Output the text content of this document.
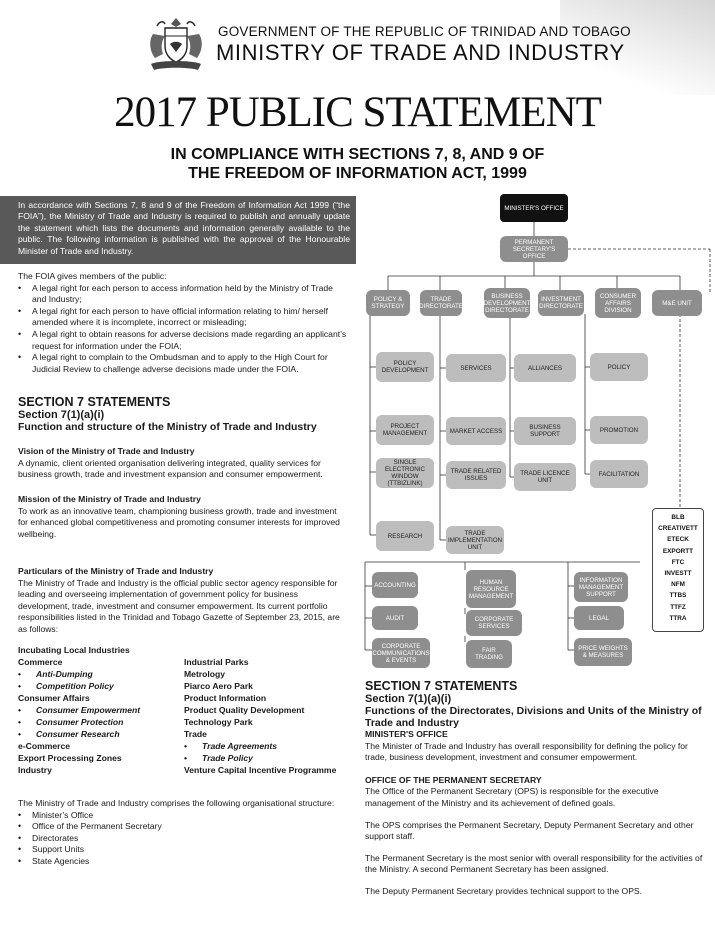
GOVERNMENT OF THE REPUBLIC OF TRINIDAD AND TOBAGO
MINISTRY OF TRADE AND INDUSTRY
2017 PUBLIC STATEMENT
IN COMPLIANCE WITH SECTIONS 7, 8, AND 9 OF
THE FREEDOM OF INFORMATION ACT, 1999
In accordance with Sections 7, 8 and 9 of the Freedom of Information Act 1999 (“the FOIA”), the Ministry of Trade and Industry is required to publish and annually update the statement which lists the documents and information generally available to the public. The following information is published with the approval of the Honourable Minister of Trade and Industry.
The FOIA gives members of the public:
• A legal right for each person to access information held by the Ministry of Trade and Industry;
• A legal right for each person to have official information relating to him/ herself amended where it is incomplete, incorrect or misleading;
• A legal right to obtain reasons for adverse decisions made regarding an applicant’s request for information under the FOIA;
• A legal right to complain to the Ombudsman and to apply to the High Court for Judicial Review to challenge adverse decisions made under the FOIA.
SECTION 7 STATEMENTS
Section 7(1)(a)(i)
Function and structure of the Ministry of Trade and Industry
Vision of the Ministry of Trade and Industry
A dynamic, client oriented organisation delivering integrated, quality services for business growth, trade and investment expansion and consumer empowerment.
Mission of the Ministry of Trade and Industry
To work as an innovative team, championing business growth, trade and investment for enhanced global competitiveness and promoting consumer interests for improved wellbeing.
Particulars of the Ministry of Trade and Industry
The Ministry of Trade and Industry is the official public sector agency responsible for leading and overseeing implementation of government policy for business development, trade, investment and consumer empowerment. Its current portfolio responsibilities listed in the Trinidad and Tobago Gazette of September 23, 2015, are as follows:
Incubating Local Industries
Commerce
• Anti-Dumping
• Competition Policy
Consumer Affairs
• Consumer Empowerment
• Consumer Protection
• Consumer Research
e-Commerce
Export Processing Zones
Industry
Industrial Parks
Metrology
Piarco Aero Park
Product Information
Product Quality Development
Technology Park
Trade
• Trade Agreements
• Trade Policy
Venture Capital Incentive Programme
The Ministry of Trade and Industry comprises the following organisational structure:
• Minister’s Office
• Office of the Permanent Secretary
• Directorates
• Support Units
• State Agencies
MINISTER'S OFFICE
PERMANENT SECRETARY'S OFFICE
POLICY & STRATEGY
TRADE DIRECTORATE
BUSINESS DEVELOPMENT DIRECTORATE
INVESTMENT DIRECTORATE
CONSUMER AFFAIRS DIVISION
M&E UNIT
POLICY DEVELOPMENT
PROJECT MANAGEMENT
SINGLE ELECTRONIC WINDOW (TTBIZLINK)
RESEARCH
SERVICES
MARKET ACCESS
TRADE RELATED ISSUES
TRADE IMPLEMENTATION UNIT
ALLIANCES
BUSINESS SUPPORT
TRADE LICENCE UNIT
POLICY
PROMOTION
FACILITATION
BLB
CREATIVETT
ETECK
EXPORTT
FTC
INVESTT
NFM
TTBS
TTFZ
TTRA
ACCOUNTING
AUDIT
CORPORATE COMMUNICATIONS & EVENTS
HUMAN RESOURCE MANAGEMENT
CORPORATE SERVICES
FAIR TRADING
INFORMATION MANAGEMENT SUPPORT
LEGAL
PRICE WEIGHTS & MEASURES
SECTION 7 STATEMENTS
Section 7(1)(a)(i)
Functions of the Directorates, Divisions and Units of the Ministry of Trade and Industry
MINISTER'S OFFICE
The Minister of Trade and Industry has overall responsibility for defining the policy for trade, business development, investment and consumer empowerment.
OFFICE OF THE PERMANENT SECRETARY
The Office of the Permanent Secretary (OPS) is responsible for the executive management of the Ministry and its achievement of defined goals.
The OPS comprises the Permanent Secretary, Deputy Permanent Secretary and other support staff.
The Permanent Secretary is the most senior with overall responsibility for the activities of the Ministry. A second Permanent Secretary has been assigned.
The Deputy Permanent Secretary provides technical support to the OPS.
